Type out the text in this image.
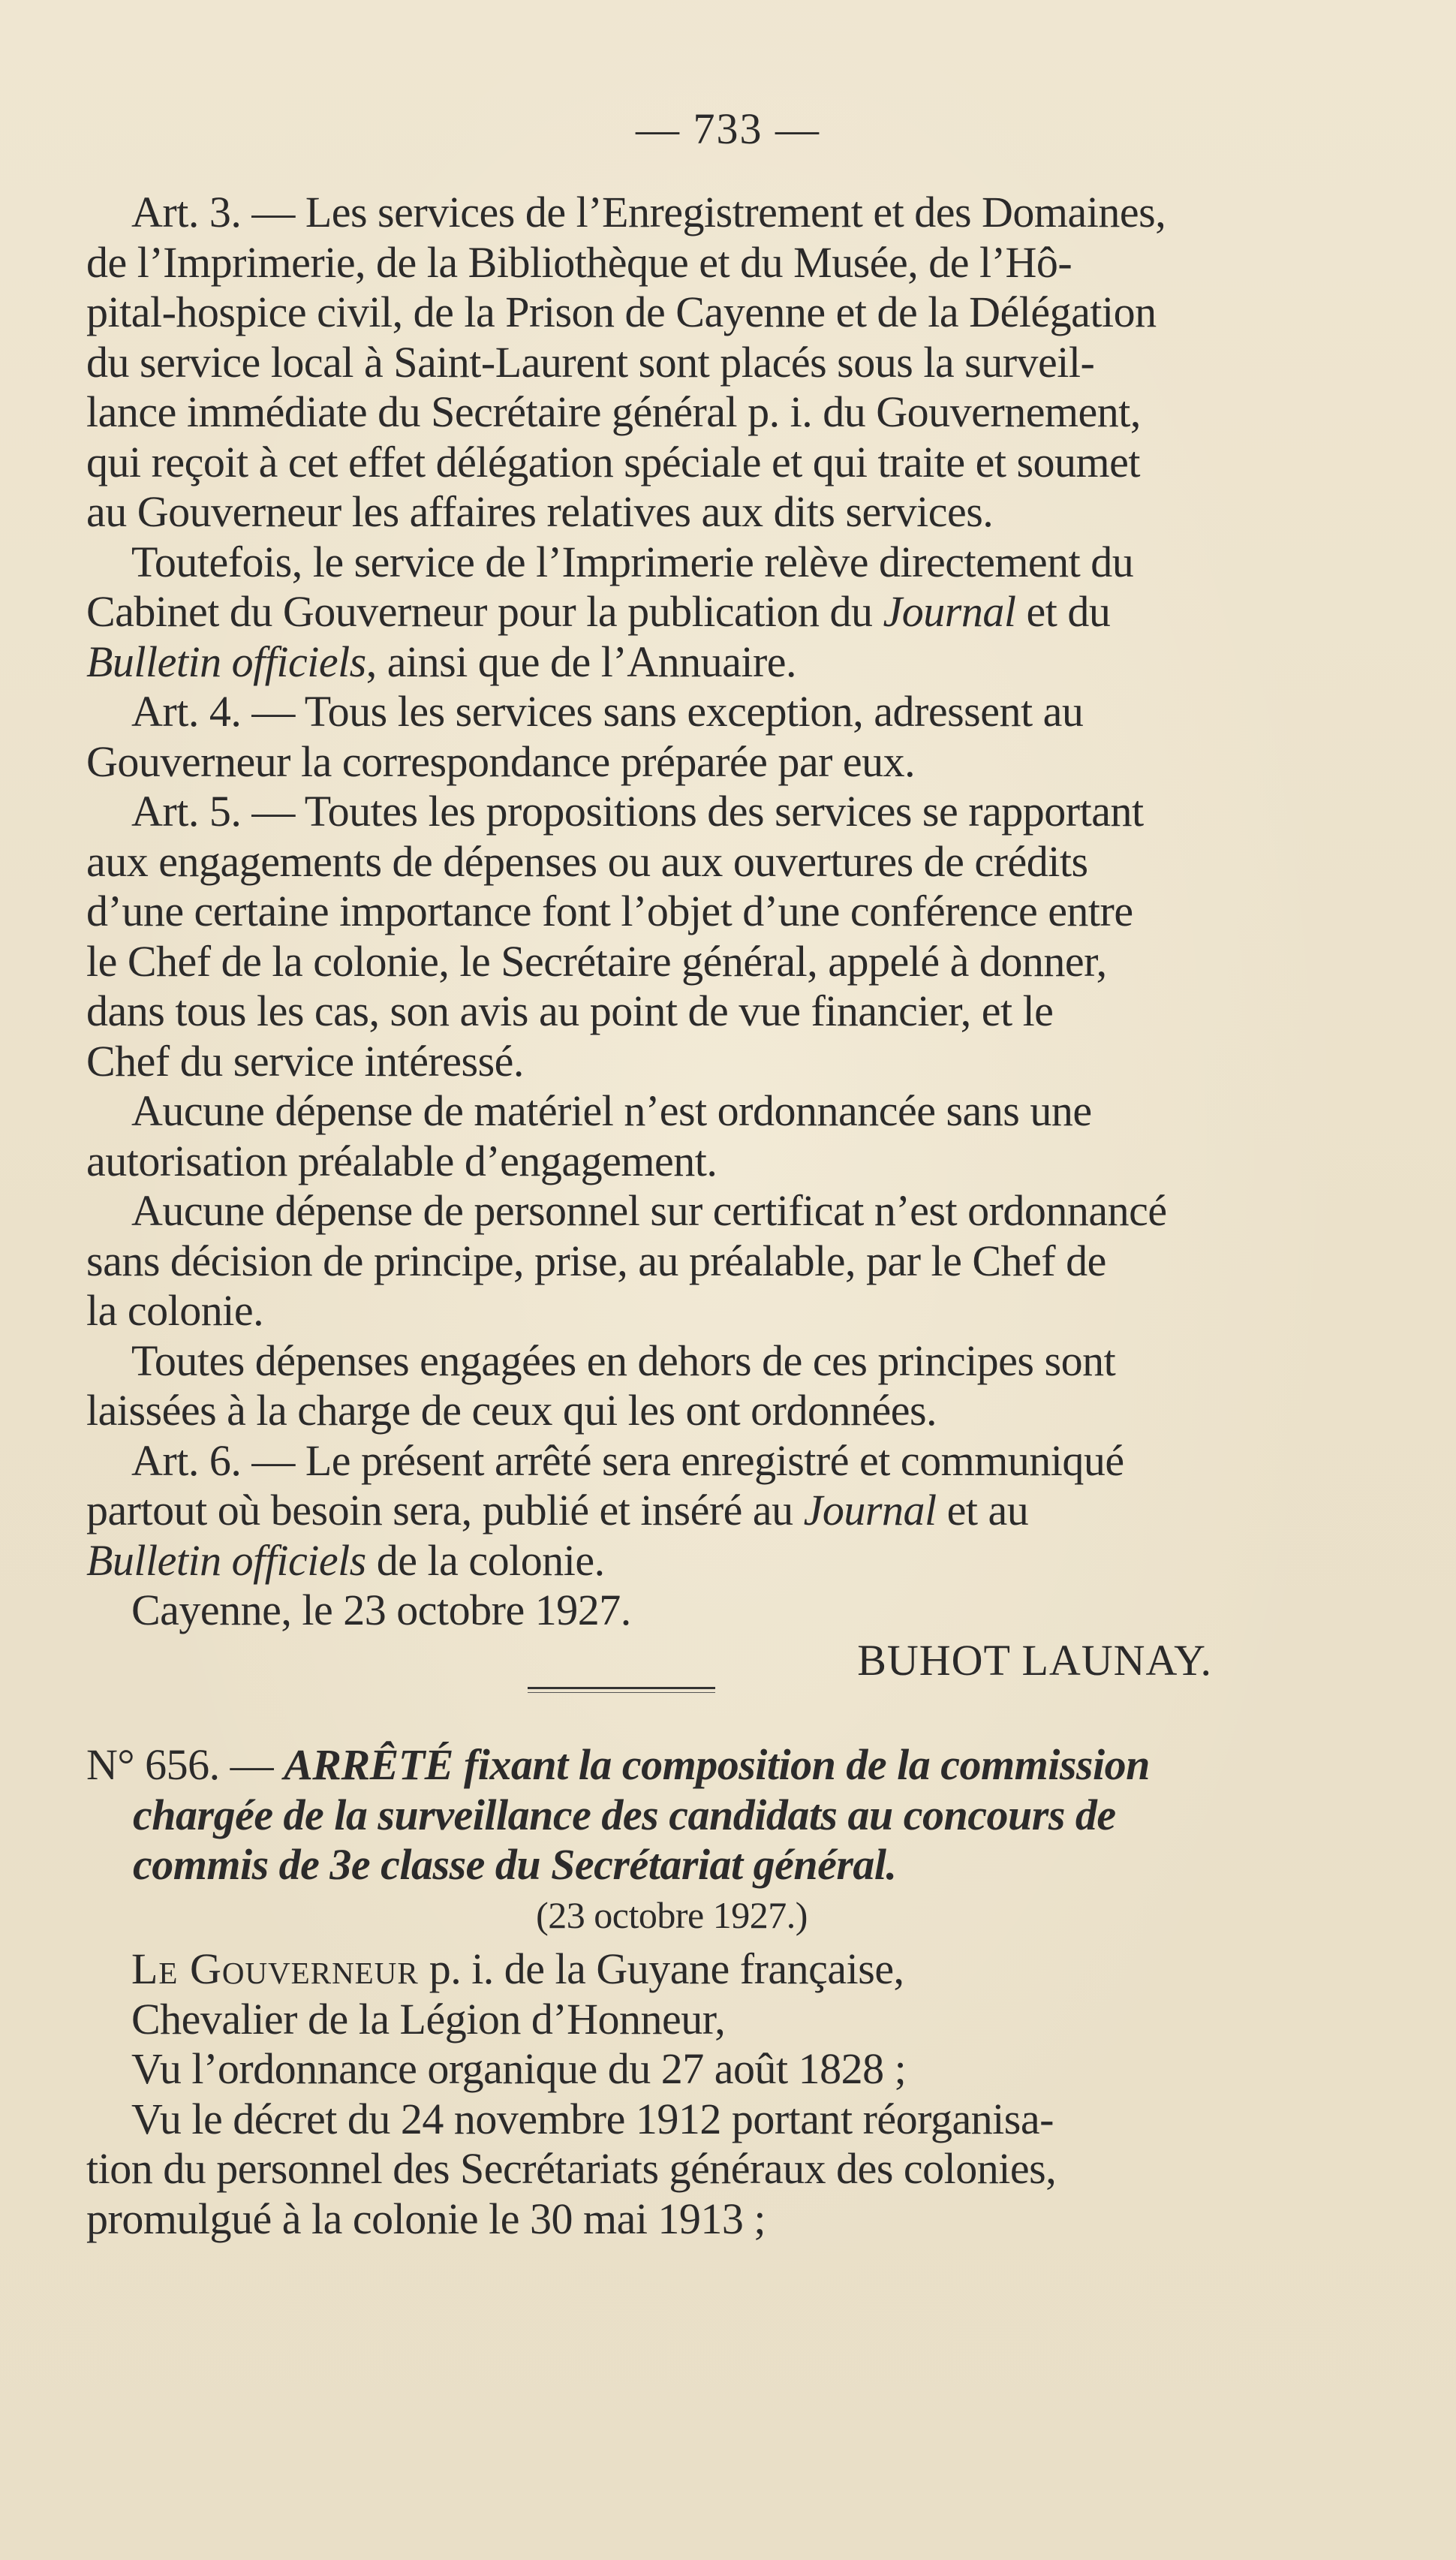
— 733 —

Art. 3. — Les services de l’Enregistrement et des Domaines,

de l’Imprimerie, de la Bibliothèque et du Musée, de l’Hô-

pital-hospice civil, de la Prison de Cayenne et de la Délégation

du service local à Saint-Laurent sont placés sous la surveil-

lance immédiate du Secrétaire général p. i. du Gouvernement,

qui reçoit à cet effet délégation spéciale et qui traite et soumet

au Gouverneur les affaires relatives aux dits services.

Toutefois, le service de l’Imprimerie relève directement du

Cabinet du Gouverneur pour la publication du Journal et du

Bulletin officiels, ainsi que de l’Annuaire.

Art. 4. — Tous les services sans exception, adressent au

Gouverneur la correspondance préparée par eux.

Art. 5. — Toutes les propositions des services se rapportant

aux engagements de dépenses ou aux ouvertures de crédits

d’une certaine importance font l’objet d’une conférence entre

le Chef de la colonie, le Secrétaire général, appelé à donner,

dans tous les cas, son avis au point de vue financier, et le

Chef du service intéressé.

Aucune dépense de matériel n’est ordonnancée sans une

autorisation préalable d’engagement.

Aucune dépense de personnel sur certificat n’est ordonnancé

sans décision de principe, prise, au préalable, par le Chef de

la colonie.

Toutes dépenses engagées en dehors de ces principes sont

laissées à la charge de ceux qui les ont ordonnées.

Art. 6. — Le présent arrêté sera enregistré et communiqué

partout où besoin sera, publié et inséré au Journal et au

Bulletin officiels de la colonie.

Cayenne, le 23 octobre 1927.

BUHOT LAUNAY.

N° 656. — ARRÊTÉ fixant la composition de la commission

chargée de la surveillance des candidats au concours de

commis de 3e classe du Secrétariat général.

(23 octobre 1927.)

Le Gouverneur p. i. de la Guyane française,

Chevalier de la Légion d’Honneur,

Vu l’ordonnance organique du 27 août 1828 ;

Vu le décret du 24 novembre 1912 portant réorganisa-

tion du personnel des Secrétariats généraux des colonies,

promulgué à la colonie le 30 mai 1913 ;
